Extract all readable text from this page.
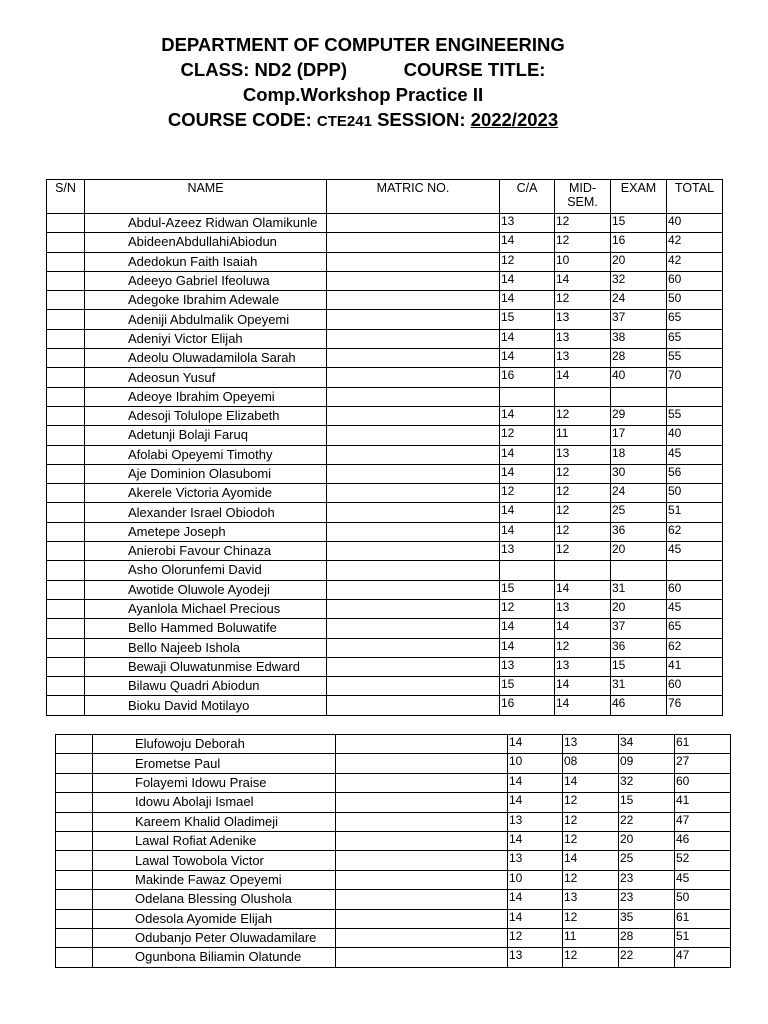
DEPARTMENT OF COMPUTER ENGINEERING
CLASS: ND2 (DPP)	COURSE TITLE:
Comp.Workshop Practice II
COURSE CODE: CTE241 SESSION: 2022/2023
S/N	NAME	MATRIC NO.	C/A	MID-SEM.	EXAM	TOTAL
	Abdul-Azeez Ridwan Olamikunle		13	12	15	40
	AbideenAbdullahiAbiodun		14	12	16	42
	Adedokun Faith Isaiah		12	10	20	42
	Adeeyo Gabriel Ifeoluwa		14	14	32	60
	Adegoke Ibrahim Adewale		14	12	24	50
	Adeniji Abdulmalik Opeyemi		15	13	37	65
	Adeniyi Victor Elijah		14	13	38	65
	Adeolu Oluwadamilola Sarah		14	13	28	55
	Adeosun Yusuf		16	14	40	70
	Adeoye Ibrahim Opeyemi					
	Adesoji Tolulope Elizabeth		14	12	29	55
	Adetunji Bolaji Faruq		12	11	17	40
	Afolabi Opeyemi Timothy		14	13	18	45
	Aje Dominion Olasubomi		14	12	30	56
	Akerele Victoria Ayomide		12	12	24	50
	Alexander Israel Obiodoh		14	12	25	51
	Ametepe Joseph		14	12	36	62
	Anierobi Favour Chinaza		13	12	20	45
	Asho Olorunfemi David					
	Awotide Oluwole Ayodeji		15	14	31	60
	Ayanlola Michael Precious		12	13	20	45
	Bello Hammed Boluwatife		14	14	37	65
	Bello Najeeb Ishola		14	12	36	62
	Bewaji Oluwatunmise Edward		13	13	15	41
	Bilawu Quadri Abiodun		15	14	31	60
	Bioku David Motilayo		16	14	46	76
	Elufowoju Deborah		14	13	34	61
	Erometse Paul		10	08	09	27
	Folayemi Idowu Praise		14	14	32	60
	Idowu Abolaji Ismael		14	12	15	41
	Kareem Khalid Oladimeji		13	12	22	47
	Lawal Rofiat Adenike		14	12	20	46
	Lawal Towobola Victor		13	14	25	52
	Makinde Fawaz Opeyemi		10	12	23	45
	Odelana Blessing Olushola		14	13	23	50
	Odesola Ayomide Elijah		14	12	35	61
	Odubanjo Peter Oluwadamilare		12	11	28	51
	Ogunbona Biliamin Olatunde		13	12	22	47
